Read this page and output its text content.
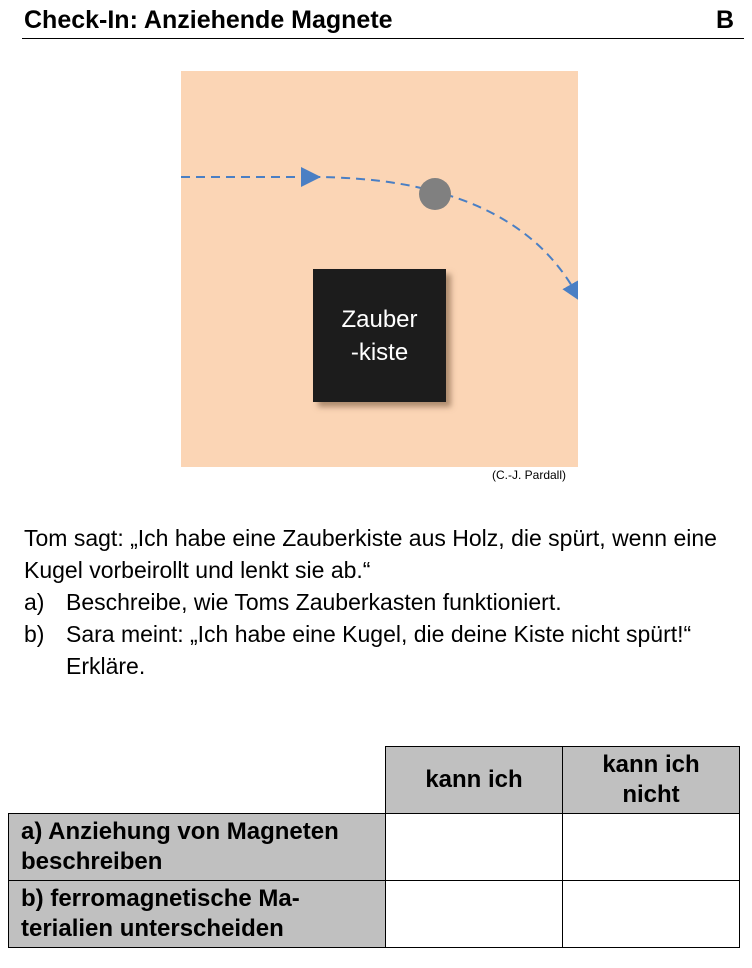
Check-In: Anziehende Magnete	B
Zauber
-kiste
(C.-J. Pardall)
Tom sagt: „Ich habe eine Zauberkiste aus Holz, die spürt, wenn eine Kugel vorbeirollt und lenkt sie ab.“
a) Beschreibe, wie Toms Zauberkasten funktioniert.
b) Sara meint: „Ich habe eine Kugel, die deine Kiste nicht spürt!“ Erkläre.
	kann ich	kann ich nicht
a) Anziehung von Magneten beschreiben		
b) ferromagnetische Ma-terialien unterscheiden		
